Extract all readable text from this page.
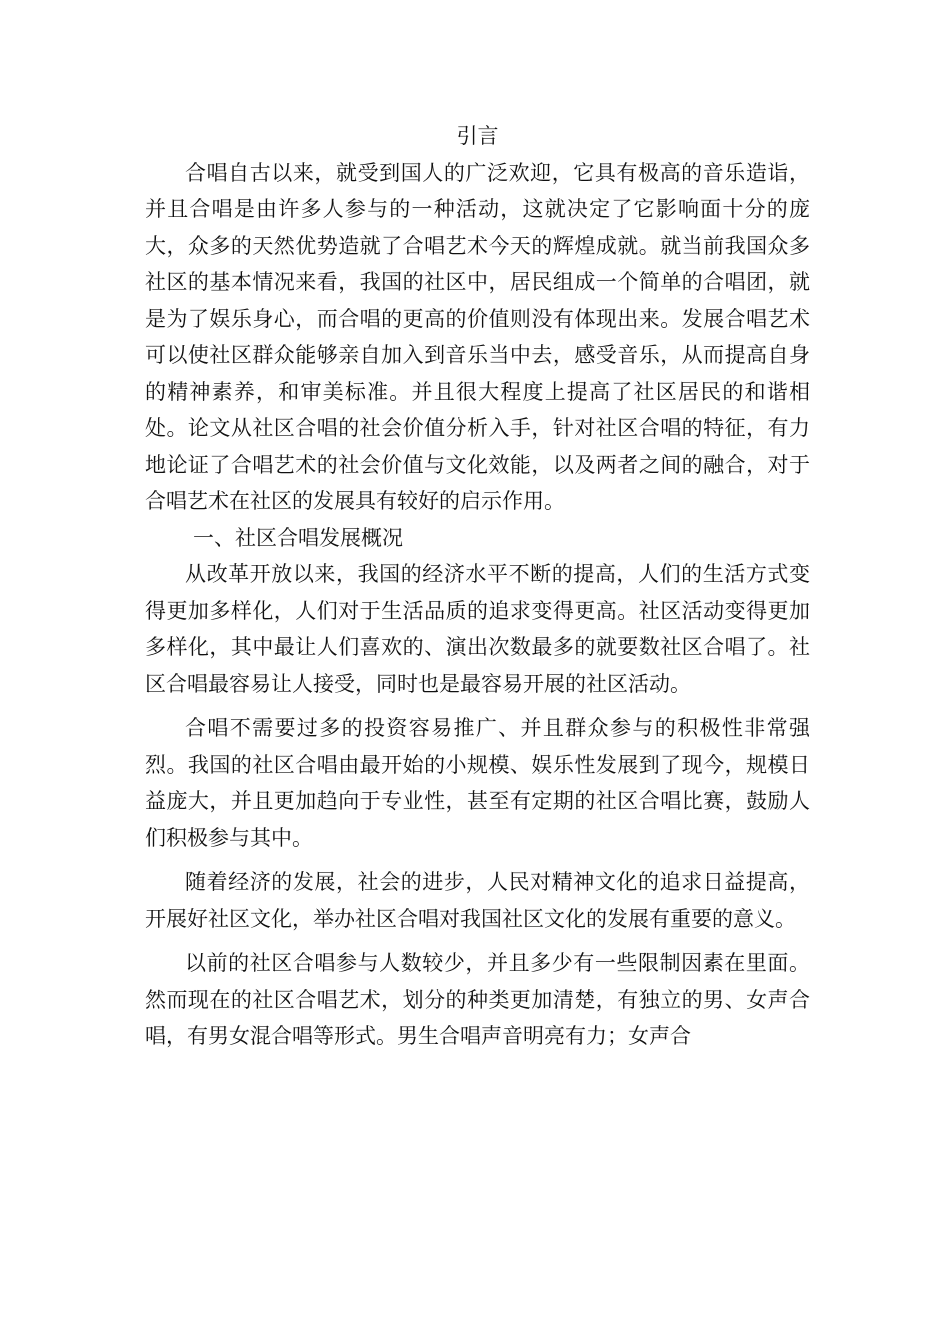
引言

合唱自古以来，就受到国人的广泛欢迎，它具有极高的音乐造诣，并且合唱是由许多人参与的一种活动，这就决定了它影响面十分的庞大，众多的天然优势造就了合唱艺术今天的辉煌成就。就当前我国众多社区的基本情况来看，我国的社区中，居民组成一个简单的合唱团，就是为了娱乐身心，而合唱的更高的价值则没有体现出来。发展合唱艺术可以使社区群众能够亲自加入到音乐当中去，感受音乐，从而提高自身的精神素养，和审美标准。并且很大程度上提高了社区居民的和谐相处。论文从社区合唱的社会价值分析入手，针对社区合唱的特征，有力地论证了合唱艺术的社会价值与文化效能，以及两者之间的融合，对于合唱艺术在社区的发展具有较好的启示作用。

一、社区合唱发展概况

从改革开放以来，我国的经济水平不断的提高，人们的生活方式变得更加多样化，人们对于生活品质的追求变得更高。社区活动变得更加多样化，其中最让人们喜欢的、演出次数最多的就要数社区合唱了。社区合唱最容易让人接受，同时也是最容易开展的社区活动。

合唱不需要过多的投资容易推广、并且群众参与的积极性非常强烈。我国的社区合唱由最开始的小规模、娱乐性发展到了现今，规模日益庞大，并且更加趋向于专业性，甚至有定期的社区合唱比赛，鼓励人们积极参与其中。

随着经济的发展，社会的进步，人民对精神文化的追求日益提高，开展好社区文化，举办社区合唱对我国社区文化的发展有重要的意义。

以前的社区合唱参与人数较少，并且多少有一些限制因素在里面。然而现在的社区合唱艺术，划分的种类更加清楚，有独立的男、女声合唱，有男女混合唱等形式。男生合唱声音明亮有力；女声合
